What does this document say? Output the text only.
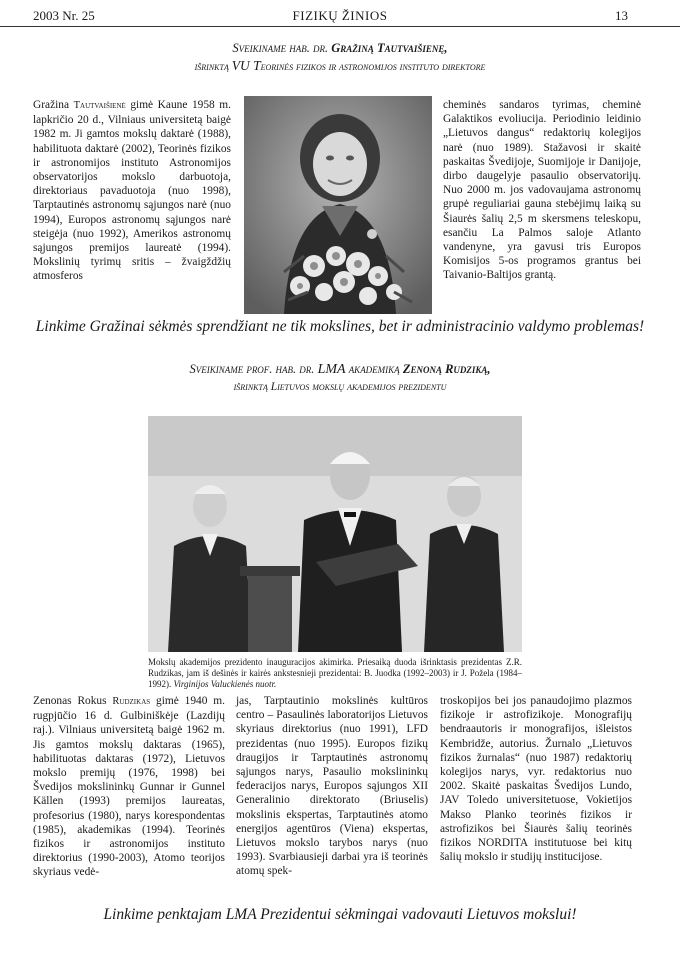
2003 Nr. 25	FIZIKŲ ŽINIOS	13
Sveikiname hab. dr. Gražiną Tautvaišienę,
išrinktą VU Teorinės fizikos ir astronomijos instituto direktore

Gražina Tautvaišienė gimė Kaune 1958 m. lapkričio 20 d., Vilniaus universitetą baigė 1982 m. Ji gamtos mokslų daktarė (1988), habilituota daktarė (2002), Teorinės fizikos ir astronomijos instituto Astronomijos observatorijos mokslo darbuotoja, direktoriaus pavaduotoja (nuo 1998), Tarptautinės astronomų sąjungos narė (nuo 1994), Europos astronomų sąjungos narė steigėja (nuo 1992), Amerikos astronomų sąjungos premijos laureatė (1994). Mokslinių tyrimų sritis – žvaigždžių atmosferos

cheminės sandaros tyrimas, cheminė Galaktikos evoliucija. Periodinio leidinio „Lietuvos dangus“ redaktorių kolegijos narė (nuo 1989). Stažavosi ir skaitė paskaitas Švedijoje, Suomijoje ir Danijoje, dirbo daugelyje pasaulio observatorijų. Nuo 2000 m. jos vadovaujama astronomų grupė reguliariai gauna stebėjimų laiką su Šiaurės šalių 2,5 m skersmens teleskopu, esančiu La Palmos saloje Atlanto vandenyne, yra gavusi tris Europos Komisijos 5-os programos grantus bei Taivanio-Baltijos grantą.

Linkime Gražinai sėkmės sprendžiant ne tik mokslines, bet ir administracinio valdymo problemas!
Sveikiname prof. hab. dr. LMA akademiką Zenoną Rudziką,
išrinktą Lietuvos mokslų akademijos prezidentu
Mokslų akademijos prezidento inauguracijos akimirka. Priesaiką duoda išrinktasis prezidentas Z.R. Rudzikas, jam iš dešinės ir kairės ankstesnieji prezidentai: B. Juodka (1992–2003) ir J. Požela (1984–1992). Virginijos Valuckienės nuotr.

Zenonas Rokus Rudzikas gimė 1940 m. rugpjūčio 16 d. Gulbiniškėje (Lazdijų raj.). Vilniaus universitetą baigė 1962 m. Jis gamtos mokslų daktaras (1965), habilituotas daktaras (1972), Lietuvos mokslo premijų (1976, 1998) bei Švedijos mokslininkų Gunnar ir Gunnel Källen (1993) premijos laureatas, profesorius (1980), narys korespondentas (1985), akademikas (1994). Teorinės fizikos ir astronomijos instituto direktorius (1990-2003), Atomo teorijos skyriaus vedė-

jas, Tarptautinio mokslinės kultūros centro – Pasaulinės laboratorijos Lietuvos skyriaus direktorius (nuo 1991), LFD prezidentas (nuo 1995). Europos fizikų draugijos ir Tarptautinės astronomų sąjungos narys, Pasaulio mokslininkų federacijos narys, Europos sąjungos XII Generalinio direktorato (Briuselis) mokslinis ekspertas, Tarptautinės atomo energijos agentūros (Viena) ekspertas, Lietuvos mokslo tarybos narys (nuo 1993). Svarbiausieji darbai yra iš teorinės atomų spek-

troskopijos bei jos panaudojimo plazmos fizikoje ir astrofizikoje. Monografijų bendraautoris ir monografijos, išleistos Kembridže, autorius. Žurnalo „Lietuvos fizikos žurnalas“ (nuo 1987) redaktorių kolegijos narys, vyr. redaktorius nuo 2002. Skaitė paskaitas Švedijos Lundo, JAV Toledo universitetuose, Vokietijos Makso Planko teorinės fizikos ir astrofizikos bei Šiaurės šalių teorinės fizikos NORDITA institutuose bei kitų šalių mokslo ir studijų institucijose.

Linkime penktajam LMA Prezidentui sėkmingai vadovauti Lietuvos mokslui!
